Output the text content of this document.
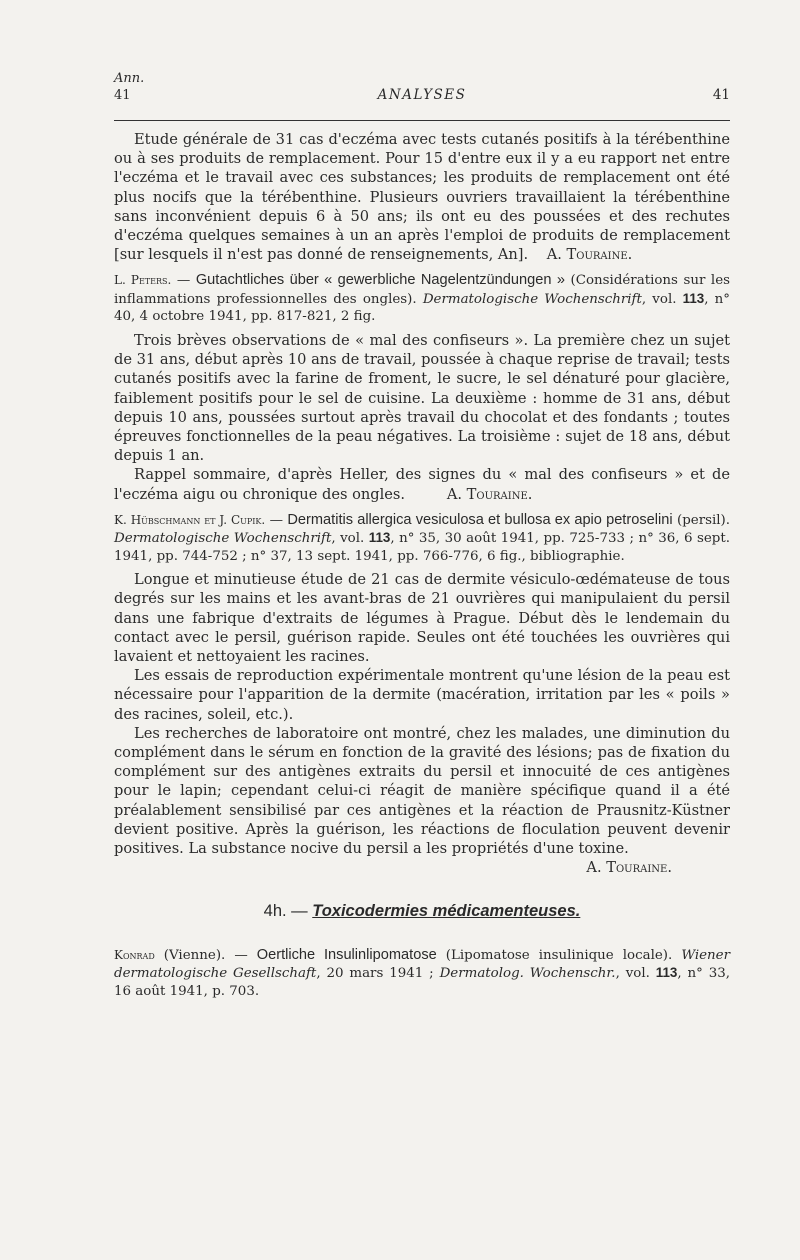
Ann.
41	ANALYSES	41

Etude générale de 31 cas d'eczéma avec tests cutanés positifs à la térébenthine ou à ses produits de remplacement. Pour 15 d'entre eux il y a eu rapport net entre l'eczéma et le travail avec ces substances; les produits de remplacement ont été plus nocifs que la térébenthine. Plusieurs ouvriers travaillaient la térébenthine sans inconvénient depuis 6 à 50 ans; ils ont eu des poussées et des rechutes d'eczéma quelques semaines à un an après l'emploi de produits de remplacement [sur lesquels il n'est pas donné de renseignements, An]. A. Touraine.

L. Peters. — Gutachtliches über « gewerbliche Nagelentzündungen » (Considérations sur les inflammations professionnelles des ongles). Dermatologische Wochenschrift, vol. 113, n° 40, 4 octobre 1941, pp. 817-821, 2 fig.

Trois brèves observations de « mal des confiseurs ». La première chez un sujet de 31 ans, début après 10 ans de travail, poussée à chaque reprise de travail; tests cutanés positifs avec la farine de froment, le sucre, le sel dénaturé pour glacière, faiblement positifs pour le sel de cuisine. La deuxième : homme de 31 ans, début depuis 10 ans, poussées surtout après travail du chocolat et des fondants ; toutes épreuves fonctionnelles de la peau négatives. La troisième : sujet de 18 ans, début depuis 1 an.

Rappel sommaire, d'après Heller, des signes du « mal des confiseurs » et de l'eczéma aigu ou chronique des ongles.	A. Touraine.

K. Hübschmann et J. Cupik. — Dermatitis allergica vesiculosa et bullosa ex apio petroselini (persil). Dermatologische Wochenschrift, vol. 113, n° 35, 30 août 1941, pp. 725-733 ; n° 36, 6 sept. 1941, pp. 744-752 ; n° 37, 13 sept. 1941, pp. 766-776, 6 fig., bibliographie.

Longue et minutieuse étude de 21 cas de dermite vésiculo-œdémateuse de tous degrés sur les mains et les avant-bras de 21 ouvrières qui manipulaient du persil dans une fabrique d'extraits de légumes à Prague. Début dès le lendemain du contact avec le persil, guérison rapide. Seules ont été touchées les ouvrières qui lavaient et nettoyaient les racines.

Les essais de reproduction expérimentale montrent qu'une lésion de la peau est nécessaire pour l'apparition de la dermite (macération, irritation par les « poils » des racines, soleil, etc.).

Les recherches de laboratoire ont montré, chez les malades, une diminution du complément dans le sérum en fonction de la gravité des lésions; pas de fixation du complément sur des antigènes extraits du persil et innocuité de ces antigènes pour le lapin; cependant celui-ci réagit de manière spécifique quand il a été préalablement sensibilisé par ces antigènes et la réaction de Prausnitz-Küstner devient positive. Après la guérison, les réactions de floculation peuvent devenir positives. La substance nocive du persil a les propriétés d'une toxine.

A. Touraine.

4h. — Toxicodermies médicamenteuses.

Konrad (Vienne). — Oertliche Insulinlipomatose (Lipomatose insulinique locale). Wiener dermatologische Gesellschaft, 20 mars 1941 ; Dermatolog. Wochenschr., vol. 113, n° 33, 16 août 1941, p. 703.
